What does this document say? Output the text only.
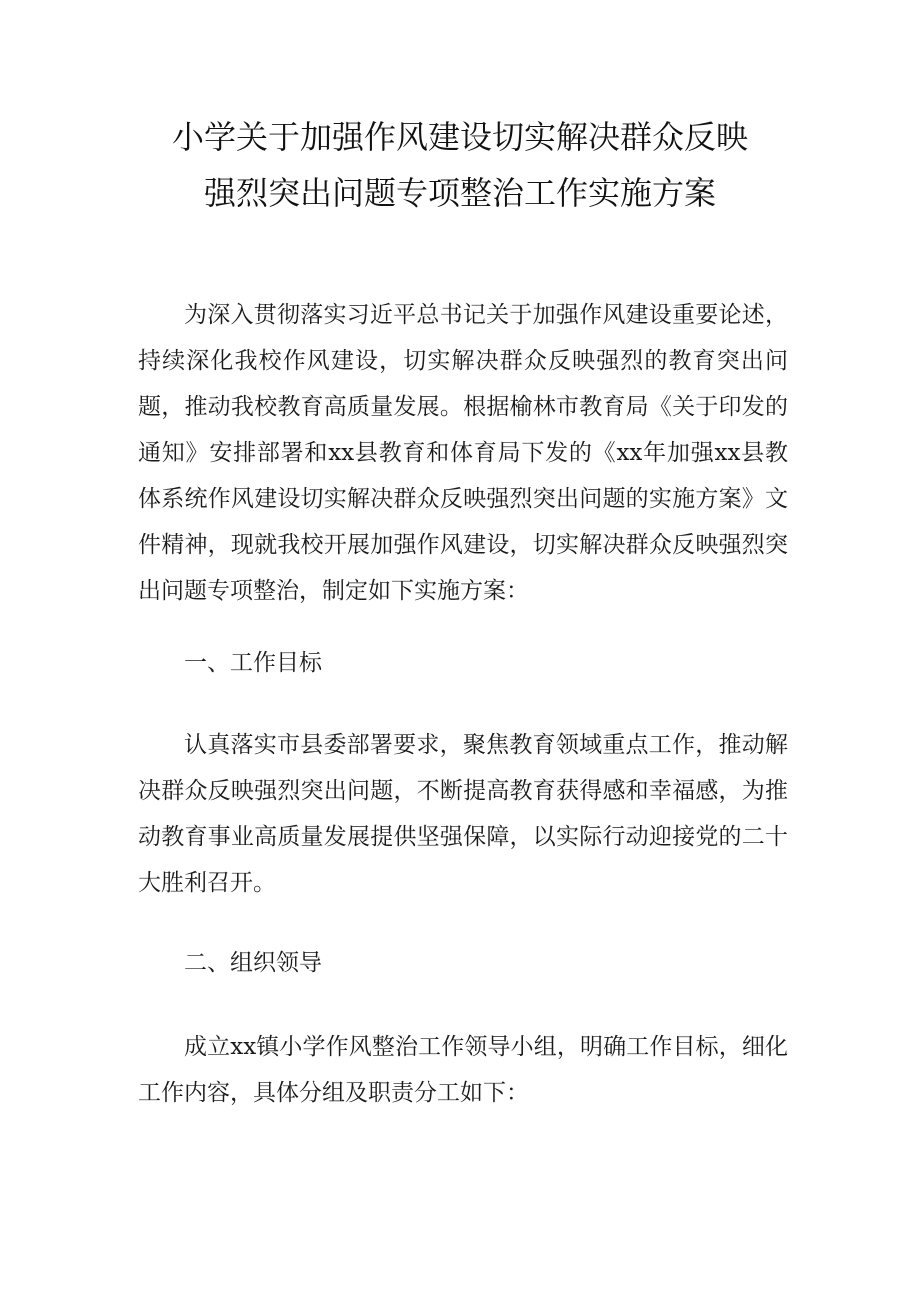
小学关于加强作风建设切实解决群众反映
强烈突出问题专项整治工作实施方案

为深入贯彻落实习近平总书记关于加强作风建设重要论述，持续深化我校作风建设，切实解决群众反映强烈的教育突出问题，推动我校教育高质量发展。根据榆林市教育局《关于印发的通知》安排部署和xx县教育和体育局下发的《xx年加强xx县教体系统作风建设切实解决群众反映强烈突出问题的实施方案》文件精神，现就我校开展加强作风建设，切实解决群众反映强烈突出问题专项整治，制定如下实施方案：

一、工作目标

认真落实市县委部署要求，聚焦教育领域重点工作，推动解决群众反映强烈突出问题，不断提高教育获得感和幸福感，为推动教育事业高质量发展提供坚强保障，以实际行动迎接党的二十大胜利召开。

二、组织领导

成立xx镇小学作风整治工作领导小组，明确工作目标，细化工作内容，具体分组及职责分工如下：
